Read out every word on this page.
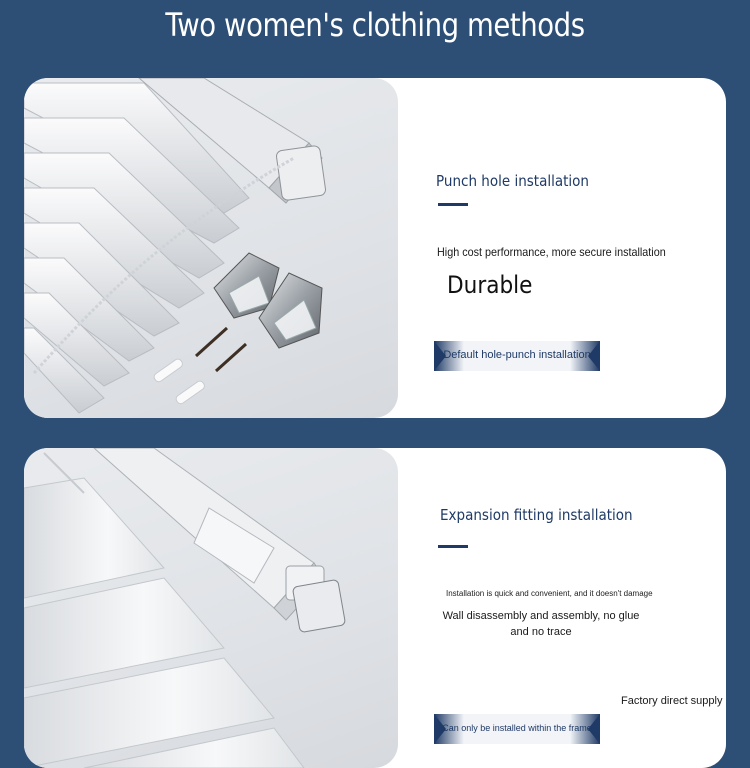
Two women's clothing methods
Punch hole installation
High cost performance, more secure installation
Durable
Default hole-punch installation
Expansion fitting installation
Installation is quick and convenient, and it doesn't damage
Wall disassembly and assembly, no glue and no trace
Factory direct supply
Can only be installed within the frame
